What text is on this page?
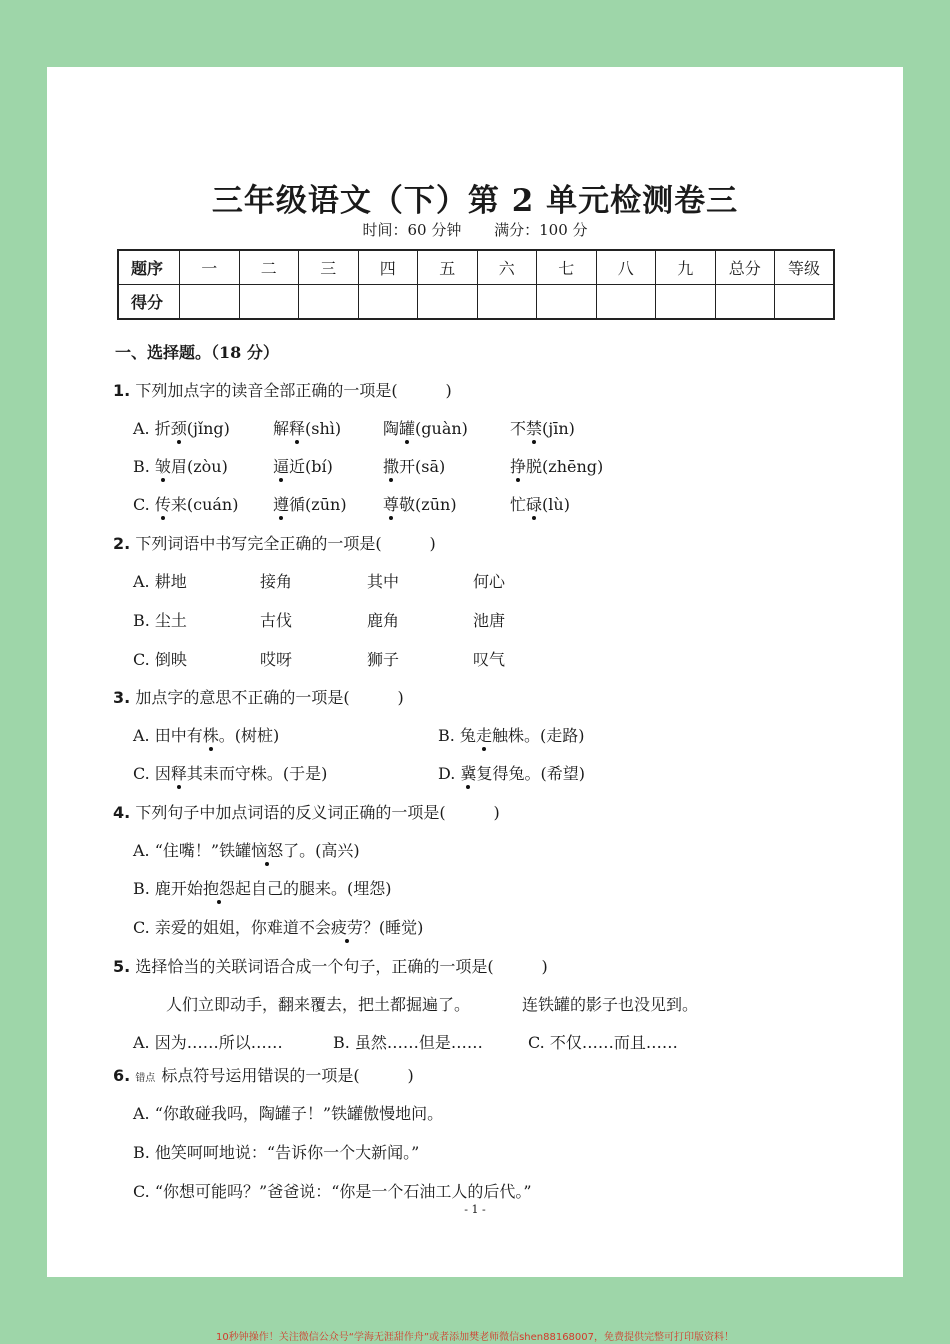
三年级语文（下）第 2 单元检测卷三
时间：60 分钟 满分：100 分
题序	一	二	三	四	五	六	七	八	九	总分	等级
得分											
一、选择题。（18 分）
1. 下列加点字的读音全部正确的一项是(　　　)
A. 折颈(jǐng)	解释(shì)	陶罐(guàn)	不禁(jīn)
B. 皱眉(zòu)	逼近(bí)	撒开(sā)	挣脱(zhēng)
C. 传来(cuán) 遵循(zūn) 尊敬(zūn)	忙碌(lù)
2. 下列词语中书写完全正确的一项是(　　　)
A. 耕地	接角	其中	何心
B. 尘土	古伐	鹿角	池唐
C. 倒映	哎呀	狮子	叹气
3. 加点字的意思不正确的一项是(　　　)
A. 田中有株。(树桩)	B. 兔走触株。(走路)
C. 因释其耒而守株。(于是)	D. 冀复得兔。(希望)
4. 下列句子中加点词语的反义词正确的一项是(　　　)
A. “住嘴！”铁罐恼怒了。(高兴)
B. 鹿开始抱怨起自己的腿来。(埋怨)
C. 亲爱的姐姐，你难道不会疲劳？(睡觉)
5. 选择恰当的关联词语合成一个句子，正确的一项是(　　　)
人们立即动手，翻来覆去，把土都掘遍了。	连铁罐的影子也没见到。
A. 因为……所以……	B. 虽然……但是……	C. 不仅……而且……
6. 错点 标点符号运用错误的一项是(　　　)
A. “你敢碰我吗，陶罐子！”铁罐傲慢地问。
B. 他笑呵呵地说：“告诉你一个大新闻。”
C. “你想可能吗？”爸爸说：“你是一个石油工人的后代。”
- 1 -
10秒钟操作！关注微信公众号“学海无涯甜作舟”或者添加樊老师微信shen88168007，免费提供完整可打印版资料！
